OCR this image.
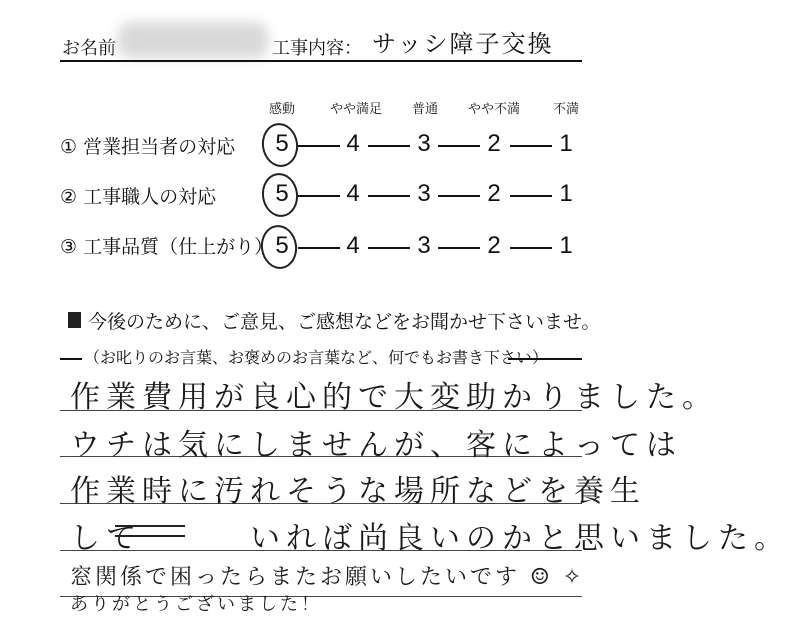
お名前	工事内容： サッシ障子交換
感動	やや満足 普通 やや不満	不満
① 営業担当者の対応 5 4 3 2 1
② 工事職人の対応 5 4 3 2 1
③ 工事品質（仕上がり） 5 4 3 2 1
今後のために、ご意見、ご感想などをお聞かせ下さいませ。
（お叱りのお言葉、お褒めのお言葉など、何でもお書き下さい）
作業費用が良心的で大変助かりました。
ウチは気にしませんが、客によっては
作業時に汚れそうな場所などを養生
して　　　いれば尚良いのかと思いました。
窓関係で困ったらまたお願いしたいです ☺ ✧
ありがとうございました！
